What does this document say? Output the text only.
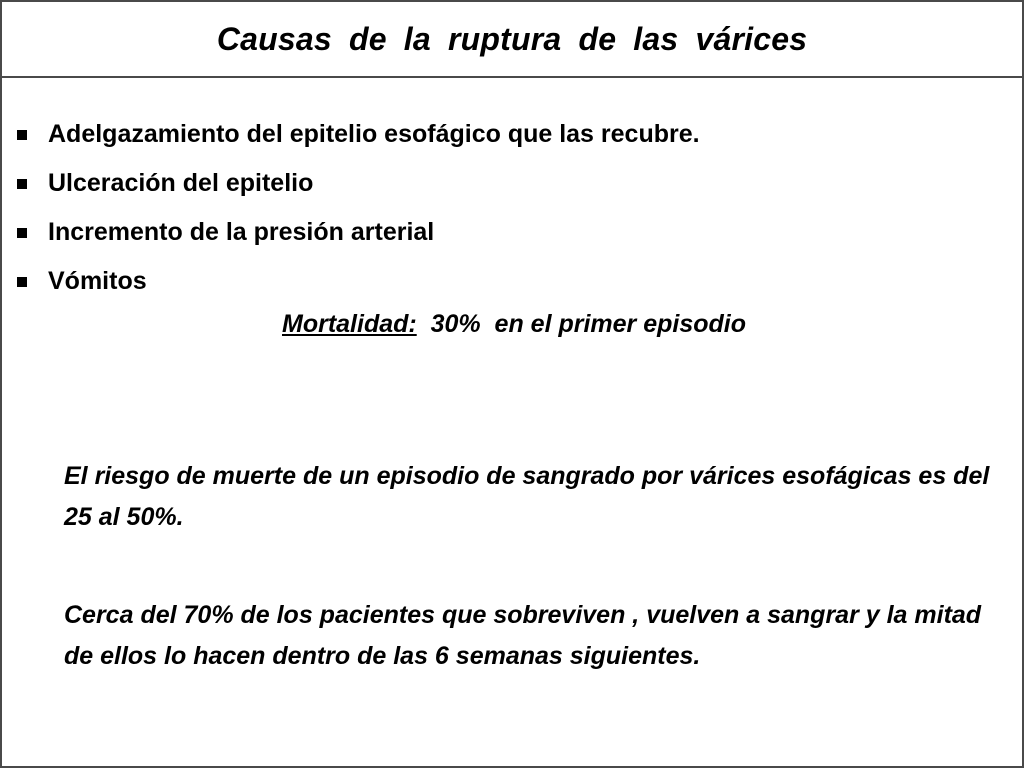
Causas de la ruptura de las várices
Adelgazamiento del epitelio esofágico que las recubre.
Ulceración del epitelio
Incremento de la presión arterial
Vómitos
Mortalidad:  30%  en el primer episodio

El riesgo de muerte de un episodio de sangrado por várices esofágicas es del 25 al 50%.

Cerca del 70% de los pacientes que sobreviven , vuelven a sangrar y la mitad de ellos lo hacen dentro de las 6 semanas siguientes.
